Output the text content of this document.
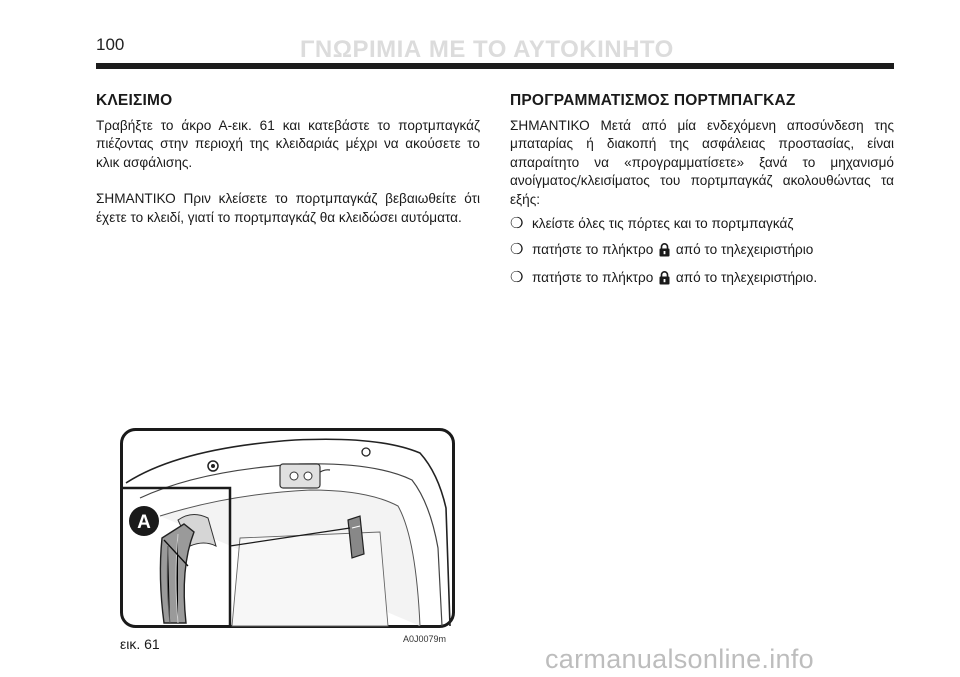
100	ΓΝΩΡΙΜΙΑ ΜΕ ΤΟ ΑΥΤΟΚΙΝΗΤΟ
ΚΛΕΙΣΙΜΟ

Τραβήξτε το άκρο Α-εικ. 61 και κατεβάστε το πορτμπαγκάζ πιέζοντας στην περιοχή της κλειδαριάς μέχρι να ακούσετε το κλικ ασφάλισης.

ΣΗΜΑΝΤΙΚΟ Πριν κλείσετε το πορτμπαγκάζ βεβαιωθείτε ότι έχετε το κλειδί, γιατί το πορτμπαγκάζ θα κλειδώσει αυτόματα.

ΠΡΟΓΡΑΜΜΑΤΙΣΜΟΣ ΠΟΡΤΜΠΑΓΚΑΖ

ΣΗΜΑΝΤΙΚΟ Μετά από μία ενδεχόμενη αποσύνδεση της μπαταρίας ή διακοπή της ασφάλειας προστασίας, είναι απαραίτητο να «προγραμματίσετε» ξανά το μηχανισμό ανοίγματος/κλεισίματος του πορτμπαγκάζ ακολουθώντας τα εξής:

❍ κλείστε όλες τις πόρτες και το πορτμπαγκάζ
❍ πατήστε το πλήκτρο από το τηλεχειριστήριο
❍ πατήστε το πλήκτρο από το τηλεχειριστήριο.
A
A0J0079m
εικ. 61	carmanualsonline.info
